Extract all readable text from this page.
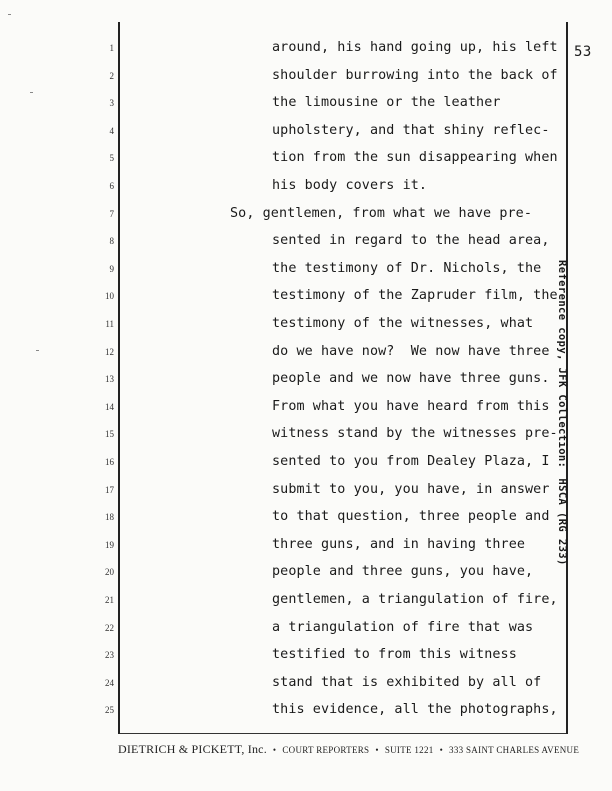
53
1	around, his hand going up, his left
2	shoulder burrowing into the back of
3	the limousine or the leather
4	upholstery, and that shiny reflec-
5	tion from the sun disappearing when
6	his body covers it.
7	So, gentlemen, from what we have pre-
8	sented in regard to the head area,
9	the testimony of Dr. Nichols, the
10	testimony of the Zapruder film, the
11	testimony of the witnesses, what
12	do we have now?  We now have three
13	people and we now have three guns.
14	From what you have heard from this
15	witness stand by the witnesses pre-
16	sented to you from Dealey Plaza, I
17	submit to you, you have, in answer
18	to that question, three people and
19	three guns, and in having three
20	people and three guns, you have,
21	gentlemen, a triangulation of fire,
22	a triangulation of fire that was
23	testified to from this witness
24	stand that is exhibited by all of
25	this evidence, all the photographs,
Reference copy, JFK Collection:HSCA (RG 233)
DIETRICH & PICKETT, Inc. • COURT REPORTERS • SUITE 1221 • 333 SAINT CHARLES AVENUE
